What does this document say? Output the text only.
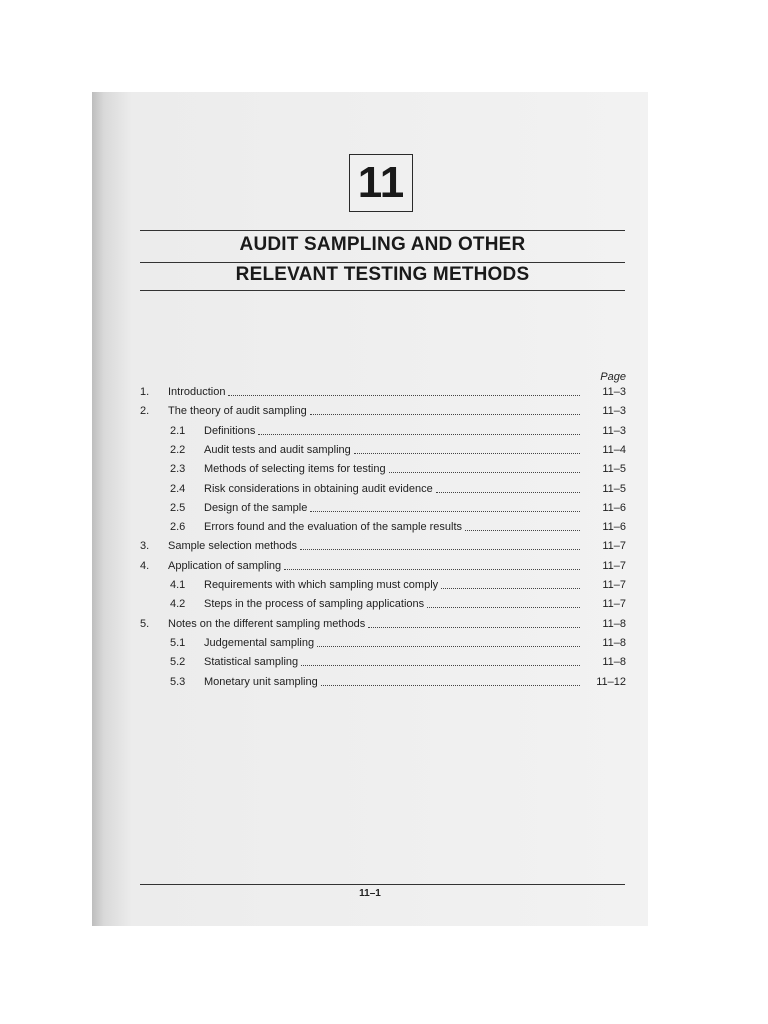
11
AUDIT SAMPLING AND OTHER
RELEVANT TESTING METHODS
Page
1. Introduction	11–3
2. The theory of audit sampling	11–3
2.1 Definitions	11–3
2.2 Audit tests and audit sampling	11–4
2.3 Methods of selecting items for testing	11–5
2.4 Risk considerations in obtaining audit evidence	11–5
2.5 Design of the sample	11–6
2.6 Errors found and the evaluation of the sample results	11–6
3. Sample selection methods	11–7
4. Application of sampling	11–7
4.1 Requirements with which sampling must comply	11–7
4.2 Steps in the process of sampling applications	11–7
5. Notes on the different sampling methods	11–8
5.1 Judgemental sampling	11–8
5.2 Statistical sampling	11–8
5.3 Monetary unit sampling	11–12
11–1
